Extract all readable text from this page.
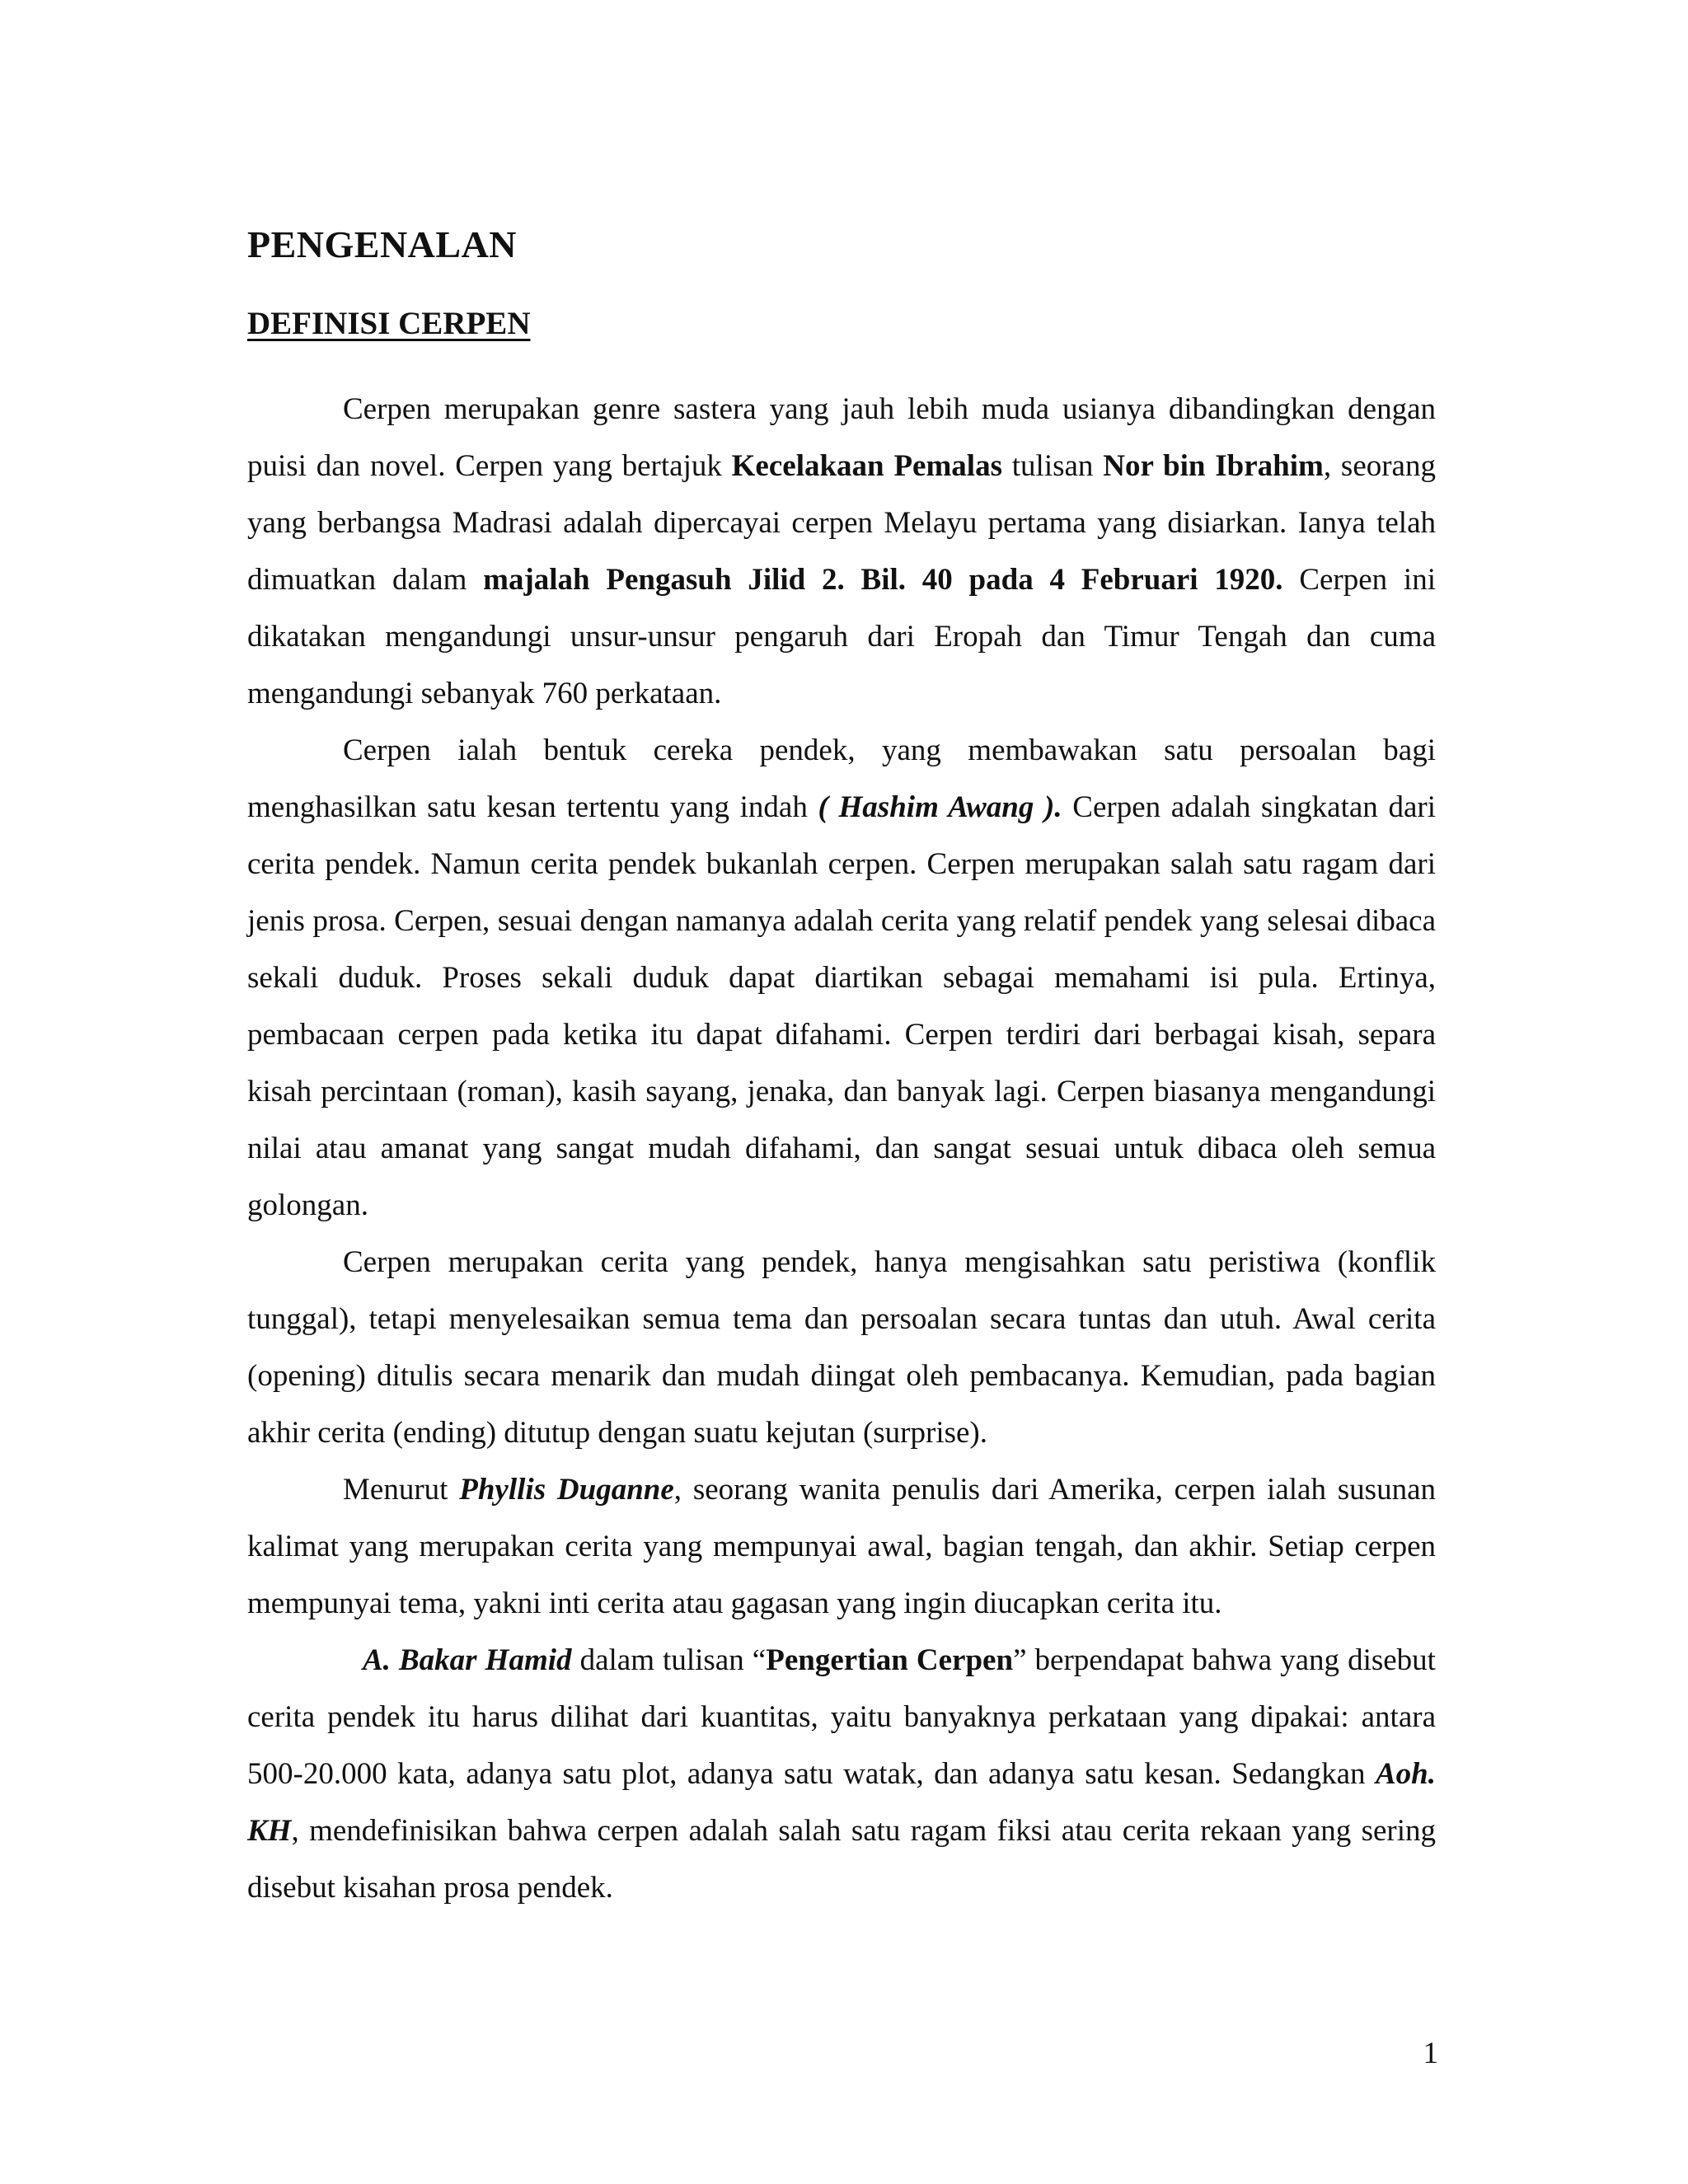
PENGENALAN
DEFINISI CERPEN

Cerpen merupakan genre sastera yang jauh lebih muda usianya dibandingkan dengan puisi dan novel. Cerpen yang bertajuk Kecelakaan Pemalas tulisan Nor bin Ibrahim, seorang yang berbangsa Madrasi adalah dipercayai cerpen Melayu pertama yang disiarkan. Ianya telah dimuatkan dalam majalah Pengasuh Jilid 2. Bil. 40 pada 4 Februari 1920. Cerpen ini dikatakan mengandungi unsur-unsur pengaruh dari Eropah dan Timur Tengah dan cuma mengandungi sebanyak 760 perkataan.

Cerpen ialah bentuk cereka pendek, yang membawakan satu persoalan bagi menghasilkan satu kesan tertentu yang indah ( Hashim Awang ). Cerpen adalah singkatan dari cerita pendek. Namun cerita pendek bukanlah cerpen. Cerpen merupakan salah satu ragam dari jenis prosa. Cerpen, sesuai dengan namanya adalah cerita yang relatif pendek yang selesai dibaca sekali duduk. Proses sekali duduk dapat diartikan sebagai memahami isi pula. Ertinya, pembacaan cerpen pada ketika itu dapat difahami. Cerpen terdiri dari berbagai kisah, separa kisah percintaan (roman), kasih sayang, jenaka, dan banyak lagi. Cerpen biasanya mengandungi nilai atau amanat yang sangat mudah difahami, dan sangat sesuai untuk dibaca oleh semua golongan.

Cerpen merupakan cerita yang pendek, hanya mengisahkan satu peristiwa (konflik tunggal), tetapi menyelesaikan semua tema dan persoalan secara tuntas dan utuh. Awal cerita (opening) ditulis secara menarik dan mudah diingat oleh pembacanya. Kemudian, pada bagian akhir cerita (ending) ditutup dengan suatu kejutan (surprise).

Menurut Phyllis Duganne, seorang wanita penulis dari Amerika, cerpen ialah susunan kalimat yang merupakan cerita yang mempunyai awal, bagian tengah, dan akhir. Setiap cerpen mempunyai tema, yakni inti cerita atau gagasan yang ingin diucapkan cerita itu.

A. Bakar Hamid dalam tulisan “Pengertian Cerpen” berpendapat bahwa yang disebut cerita pendek itu harus dilihat dari kuantitas, yaitu banyaknya perkataan yang dipakai: antara 500-20.000 kata, adanya satu plot, adanya satu watak, dan adanya satu kesan. Sedangkan Aoh. KH, mendefinisikan bahwa cerpen adalah salah satu ragam fiksi atau cerita rekaan yang sering disebut kisahan prosa pendek.

1
